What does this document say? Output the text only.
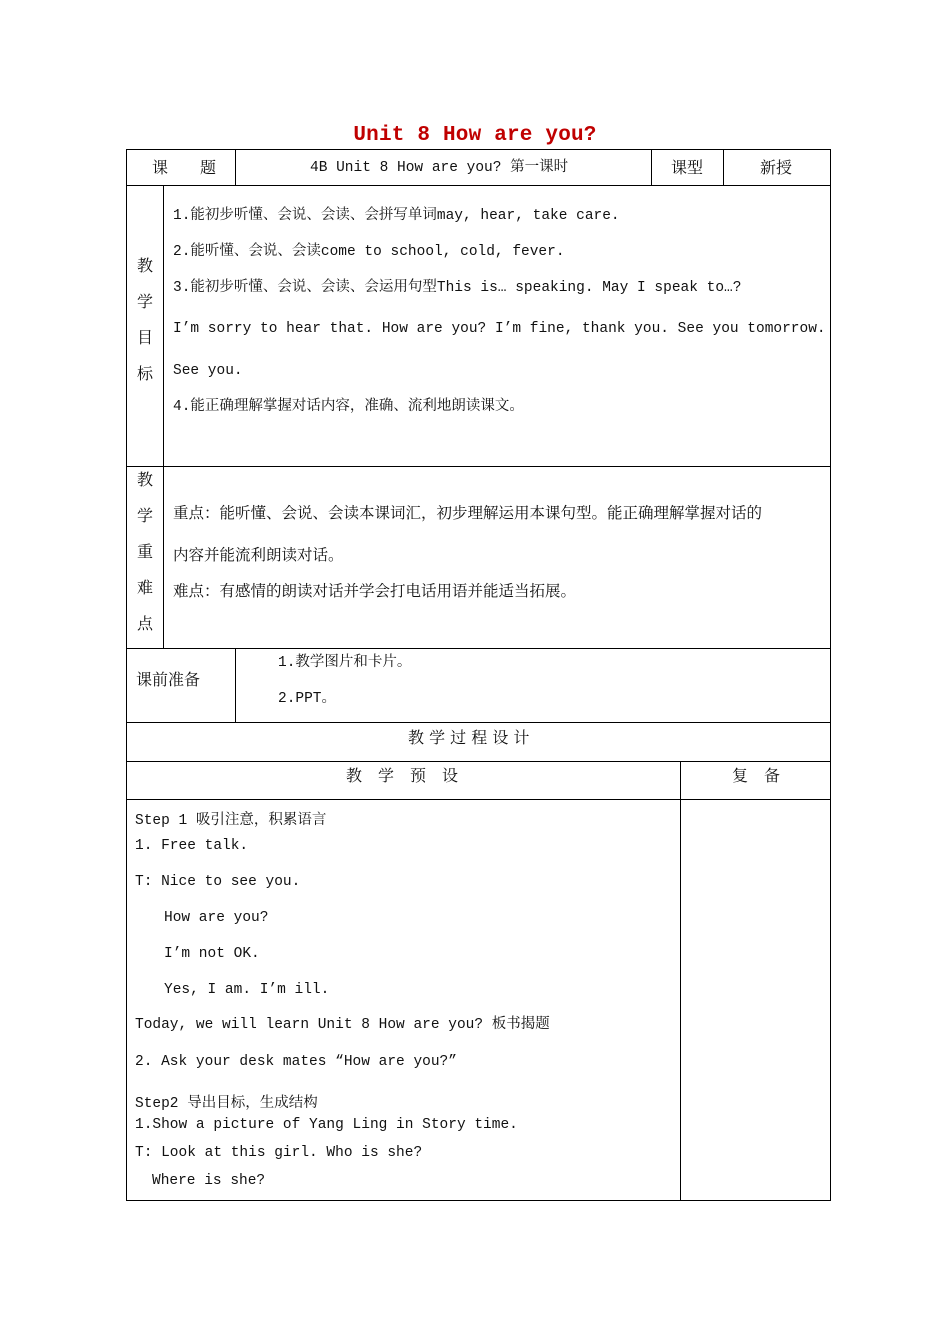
Unit 8 How are you?
课　　题	4B Unit 8 How are you? 第一课时	课型	新授
教
学
目
标
1.能初步听懂、会说、会读、会拼写单词may, hear, take care.
2.能听懂、会说、会读come to school, cold, fever.
3.能初步听懂、会说、会读、会运用句型This is… speaking. May I speak to…?
I’m sorry to hear that. How are you? I’m fine, thank you. See you tomorrow.
See you.
4.能正确理解掌握对话内容，准确、流利地朗读课文。
教
学
重
难
点
重点：能听懂、会说、会读本课词汇，初步理解运用本课句型。能正确理解掌握对话的
内容并能流利朗读对话。
难点：有感情的朗读对话并学会打电话用语并能适当拓展。
课前准备
1.教学图片和卡片。
2.PPT。
教 学 过 程 设 计
教　学　预　设	复　备
Step 1 吸引注意，积累语言
1. Free talk.
T: Nice to see you.
How are you?
I’m not OK.
Yes, I am. I’m ill.
Today, we will learn Unit 8 How are you? 板书揭题
2. Ask your desk mates “How are you?”
Step2 导出目标，生成结构
1.Show a picture of Yang Ling in Story time.
T: Look at this girl. Who is she?
Where is she?
